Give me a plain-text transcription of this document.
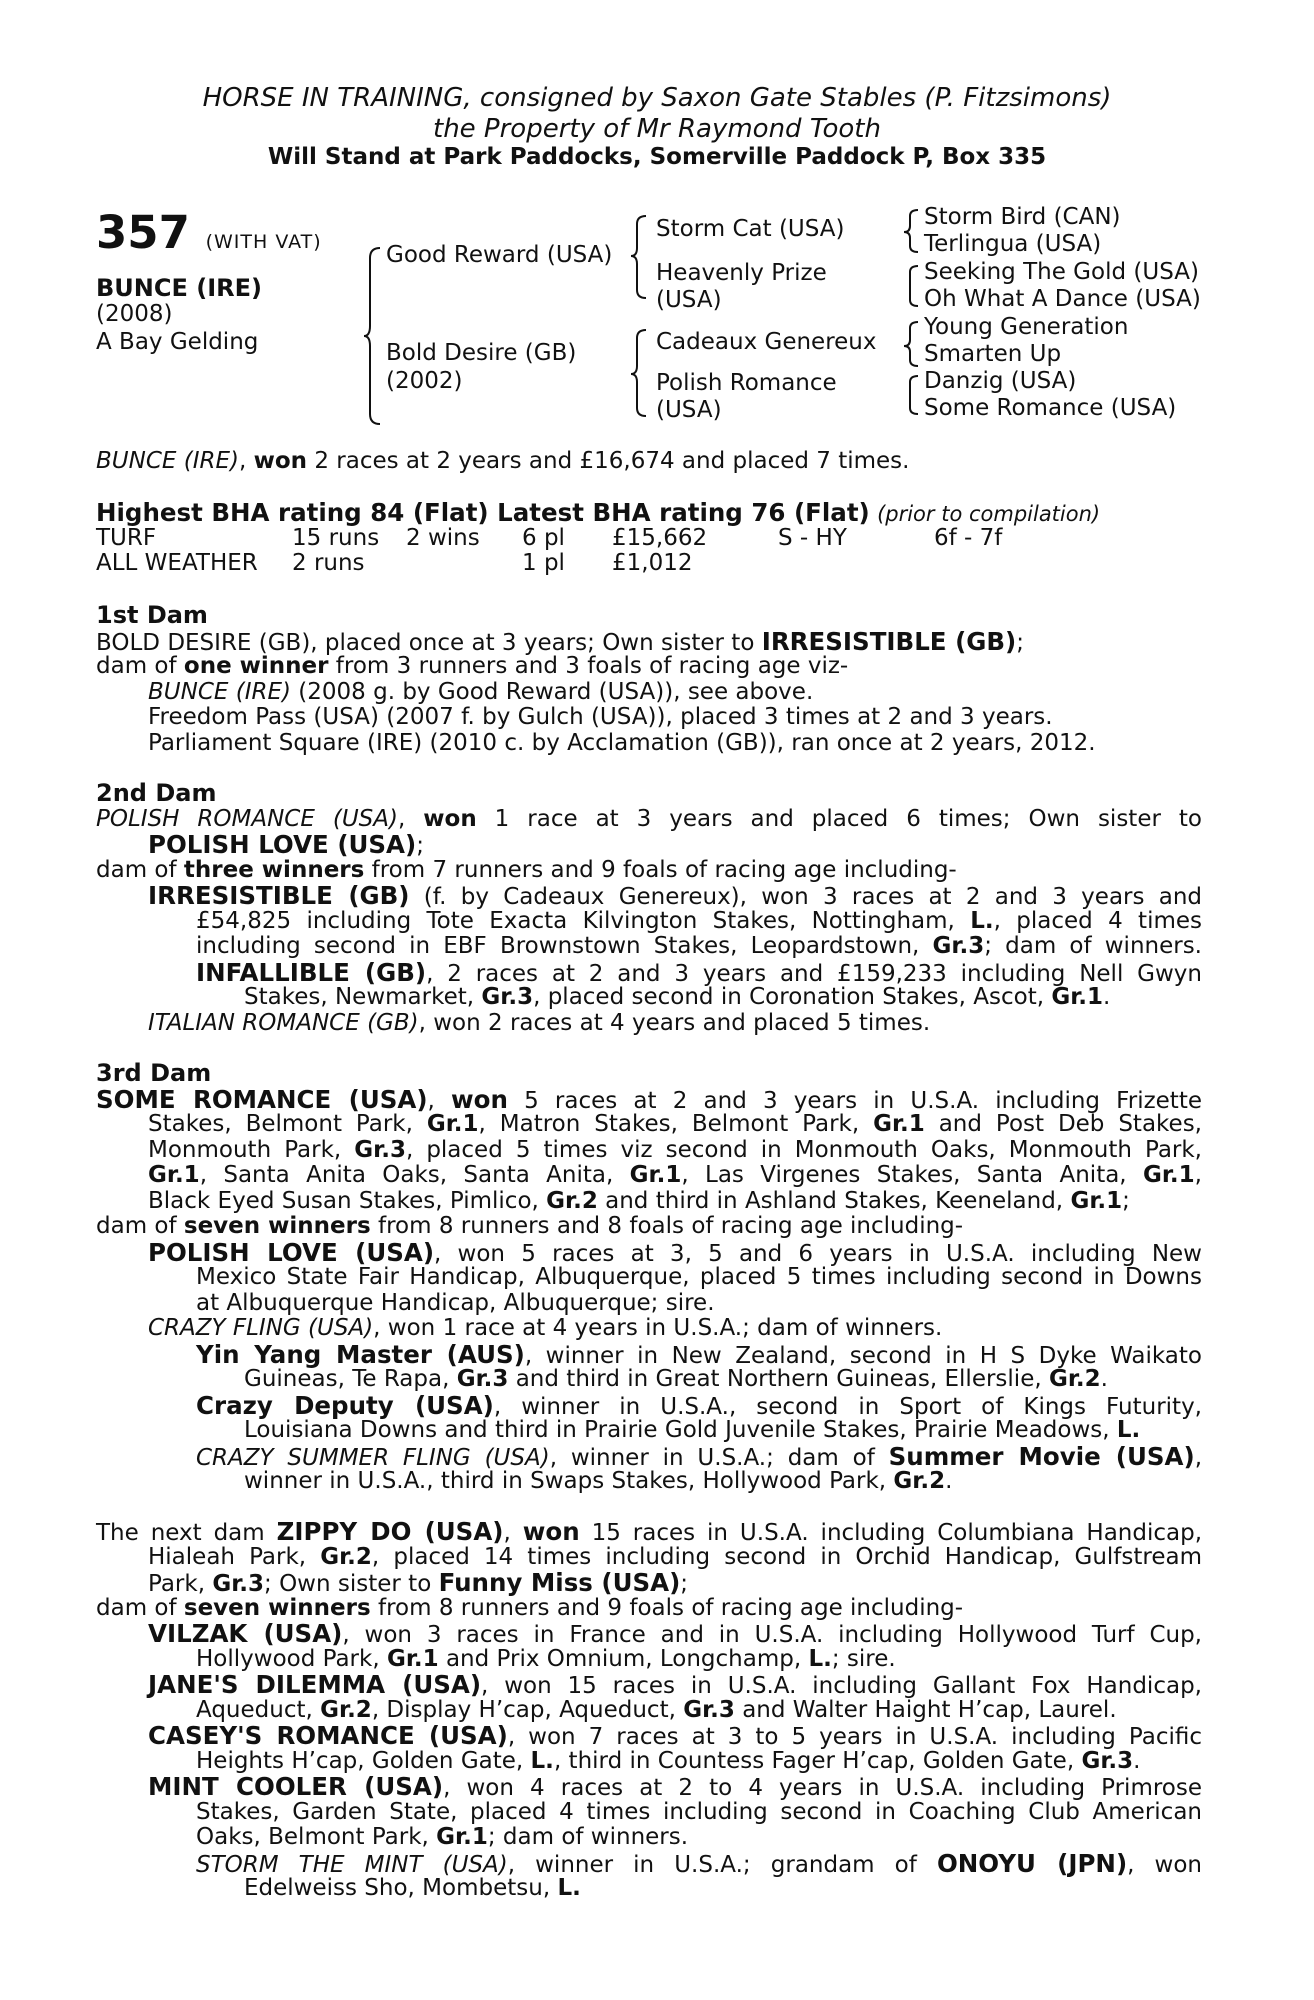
HORSE IN TRAINING, consigned by Saxon Gate Stables (P. Fitzsimons)
the Property of Mr Raymond Tooth
Will Stand at Park Paddocks, Somerville Paddock P, Box 335
357 (WITH VAT)
BUNCE (IRE)
(2008)
A Bay Gelding
Good Reward (USA)
Bold Desire (GB)
(2002)
Storm Cat (USA)
Heavenly Prize
(USA)
Cadeaux Genereux
Polish Romance
(USA)
Storm Bird (CAN)
Terlingua (USA)
Seeking The Gold (USA)
Oh What A Dance (USA)
Young Generation
Smarten Up
Danzig (USA)
Some Romance (USA)
BUNCE (IRE), won 2 races at 2 years and £16,674 and placed 7 times.
Highest BHA rating 84 (Flat) Latest BHA rating 76 (Flat) (prior to compilation)
TURF	15 runs	2 wins	6 pl	£15,662	S - HY	6f - 7f
ALL WEATHER	2 runs	1 pl	£1,012
1st Dam
BOLD DESIRE (GB), placed once at 3 years; Own sister to IRRESISTIBLE (GB);
dam of one winner from 3 runners and 3 foals of racing age viz-
BUNCE (IRE) (2008 g. by Good Reward (USA)), see above.
Freedom Pass (USA) (2007 f. by Gulch (USA)), placed 3 times at 2 and 3 years.
Parliament Square (IRE) (2010 c. by Acclamation (GB)), ran once at 2 years, 2012.
2nd Dam
POLISH ROMANCE (USA), won 1 race at 3 years and placed 6 times; Own sister to
POLISH LOVE (USA);
dam of three winners from 7 runners and 9 foals of racing age including-
IRRESISTIBLE (GB) (f. by Cadeaux Genereux), won 3 races at 2 and 3 years and
£54,825 including Tote Exacta Kilvington Stakes, Nottingham, L., placed 4 times
including second in EBF Brownstown Stakes, Leopardstown, Gr.3; dam of winners.
INFALLIBLE (GB), 2 races at 2 and 3 years and £159,233 including Nell Gwyn
Stakes, Newmarket, Gr.3, placed second in Coronation Stakes, Ascot, Gr.1.
ITALIAN ROMANCE (GB), won 2 races at 4 years and placed 5 times.
3rd Dam
SOME ROMANCE (USA), won 5 races at 2 and 3 years in U.S.A. including Frizette
Stakes, Belmont Park, Gr.1, Matron Stakes, Belmont Park, Gr.1 and Post Deb Stakes,
Monmouth Park, Gr.3, placed 5 times viz second in Monmouth Oaks, Monmouth Park,
Gr.1, Santa Anita Oaks, Santa Anita, Gr.1, Las Virgenes Stakes, Santa Anita, Gr.1,
Black Eyed Susan Stakes, Pimlico, Gr.2 and third in Ashland Stakes, Keeneland, Gr.1;
dam of seven winners from 8 runners and 8 foals of racing age including-
POLISH LOVE (USA), won 5 races at 3, 5 and 6 years in U.S.A. including New
Mexico State Fair Handicap, Albuquerque, placed 5 times including second in Downs
at Albuquerque Handicap, Albuquerque; sire.
CRAZY FLING (USA), won 1 race at 4 years in U.S.A.; dam of winners.
Yin Yang Master (AUS), winner in New Zealand, second in H S Dyke Waikato
Guineas, Te Rapa, Gr.3 and third in Great Northern Guineas, Ellerslie, Gr.2.
Crazy Deputy (USA), winner in U.S.A., second in Sport of Kings Futurity,
Louisiana Downs and third in Prairie Gold Juvenile Stakes, Prairie Meadows, L.
CRAZY SUMMER FLING (USA), winner in U.S.A.; dam of Summer Movie (USA),
winner in U.S.A., third in Swaps Stakes, Hollywood Park, Gr.2.
The next dam ZIPPY DO (USA), won 15 races in U.S.A. including Columbiana Handicap,
Hialeah Park, Gr.2, placed 14 times including second in Orchid Handicap, Gulfstream
Park, Gr.3; Own sister to Funny Miss (USA);
dam of seven winners from 8 runners and 9 foals of racing age including-
VILZAK (USA), won 3 races in France and in U.S.A. including Hollywood Turf Cup,
Hollywood Park, Gr.1 and Prix Omnium, Longchamp, L.; sire.
JANE'S DILEMMA (USA), won 15 races in U.S.A. including Gallant Fox Handicap,
Aqueduct, Gr.2, Display H’cap, Aqueduct, Gr.3 and Walter Haight H’cap, Laurel.
CASEY'S ROMANCE (USA), won 7 races at 3 to 5 years in U.S.A. including Pacific
Heights H’cap, Golden Gate, L., third in Countess Fager H’cap, Golden Gate, Gr.3.
MINT COOLER (USA), won 4 races at 2 to 4 years in U.S.A. including Primrose
Stakes, Garden State, placed 4 times including second in Coaching Club American
Oaks, Belmont Park, Gr.1; dam of winners.
STORM THE MINT (USA), winner in U.S.A.; grandam of ONOYU (JPN), won
Edelweiss Sho, Mombetsu, L.
